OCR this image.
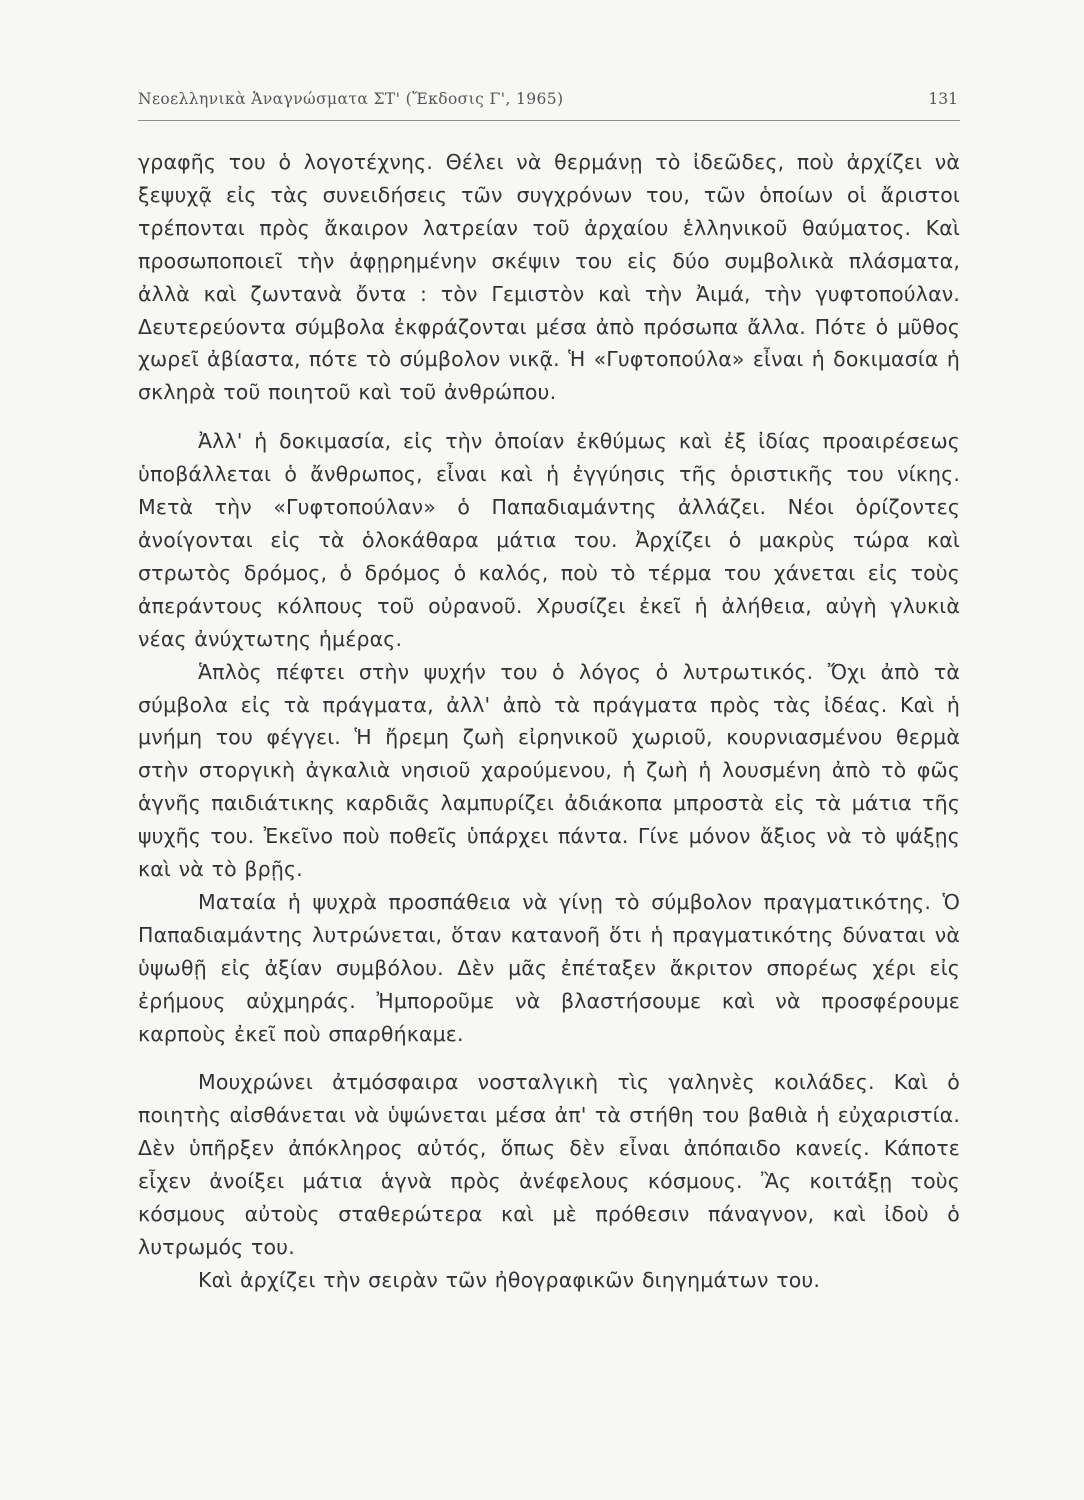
Νεοελληνικὰ Ἀναγνώσματα ΣΤ' (Ἔκδοσις Γ', 1965)	131

γραφῆς του ὁ λογοτέχνης. Θέλει νὰ θερμάνῃ τὸ ἰδεῶδες, ποὺ ἀρχίζει νὰ ξεψυχᾷ εἰς τὰς συνειδήσεις τῶν συγχρόνων του, τῶν ὁποίων οἱ ἄριστοι τρέπονται πρὸς ἄκαιρον λατρείαν τοῦ ἀρχαίου ἑλληνικοῦ θαύματος. Καὶ προσωποποιεῖ τὴν ἀφῃρημένην σκέψιν του εἰς δύο συμβολικὰ πλάσματα, ἀλλὰ καὶ ζωντανὰ ὄντα : τὸν Γεμιστὸν καὶ τὴν Ἀιμά, τὴν γυφτοπούλαν. Δευτερεύοντα σύμβολα ἐκφράζονται μέσα ἀπὸ πρόσωπα ἄλλα. Πότε ὁ μῦθος χωρεῖ ἀβίαστα, πότε τὸ σύμβολον νικᾷ. Ἡ «Γυφτοπούλα» εἶναι ἡ δοκιμασία ἡ σκληρὰ τοῦ ποιητοῦ καὶ τοῦ ἀνθρώπου.

Ἀλλ' ἡ δοκιμασία, εἰς τὴν ὁποίαν ἐκθύμως καὶ ἐξ ἰδίας προαιρέσεως ὑποβάλλεται ὁ ἄνθρωπος, εἶναι καὶ ἡ ἐγγύησις τῆς ὁριστικῆς του νίκης. Μετὰ τὴν «Γυφτοπούλαν» ὁ Παπαδιαμάντης ἀλλάζει. Νέοι ὁρίζοντες ἀνοίγονται εἰς τὰ ὁλοκάθαρα μάτια του. Ἀρχίζει ὁ μακρὺς τώρα καὶ στρωτὸς δρόμος, ὁ δρόμος ὁ καλός, ποὺ τὸ τέρμα του χάνεται εἰς τοὺς ἀπεράντους κόλπους τοῦ οὐρανοῦ. Χρυσίζει ἐκεῖ ἡ ἀλήθεια, αὐγὴ γλυκιὰ νέας ἀνύχτωτης ἡμέρας.

Ἁπλὸς πέφτει στὴν ψυχήν του ὁ λόγος ὁ λυτρωτικός. Ὄχι ἀπὸ τὰ σύμβολα εἰς τὰ πράγματα, ἀλλ' ἀπὸ τὰ πράγματα πρὸς τὰς ἰδέας. Καὶ ἡ μνήμη του φέγγει. Ἡ ἤρεμη ζωὴ εἰρηνικοῦ χωριοῦ, κουρνιασμένου θερμὰ στὴν στοργικὴ ἀγκαλιὰ νησιοῦ χαρούμενου, ἡ ζωὴ ἡ λουσμένη ἀπὸ τὸ φῶς ἁγνῆς παιδιάτικης καρδιᾶς λαμπυρίζει ἀδιάκοπα μπροστὰ εἰς τὰ μάτια τῆς ψυχῆς του. Ἐκεῖνο ποὺ ποθεῖς ὑπάρχει πάντα. Γίνε μόνον ἄξιος νὰ τὸ ψάξῃς καὶ νὰ τὸ βρῇς.

Ματαία ἡ ψυχρὰ προσπάθεια νὰ γίνῃ τὸ σύμβολον πραγματικότης. Ὁ Παπαδιαμάντης λυτρώνεται, ὅταν κατανοῆ ὅτι ἡ πραγματικότης δύναται νὰ ὑψωθῇ εἰς ἀξίαν συμβόλου. Δὲν μᾶς ἐπέταξεν ἄκριτον σπορέως χέρι εἰς ἐρήμους αὐχμηράς. Ἠμποροῦμε νὰ βλαστήσουμε καὶ νὰ προσφέρουμε καρποὺς ἐκεῖ ποὺ σπαρθήκαμε.

Μουχρώνει ἀτμόσφαιρα νοσταλγικὴ τὶς γαληνὲς κοιλάδες. Καὶ ὁ ποιητὴς αἰσθάνεται νὰ ὑψώνεται μέσα ἀπ' τὰ στήθη του βαθιὰ ἡ εὐχαριστία. Δὲν ὑπῆρξεν ἀπόκληρος αὐτός, ὅπως δὲν εἶναι ἀπόπαιδο κανείς. Κάποτε εἶχεν ἀνοίξει μάτια ἁγνὰ πρὸς ἀνέφελους κόσμους. Ἂς κοιτάξῃ τοὺς κόσμους αὐτοὺς σταθερώτερα καὶ μὲ πρόθεσιν πάναγνον, καὶ ἰδοὺ ὁ λυτρωμός του.

Καὶ ἀρχίζει τὴν σειρὰν τῶν ἠθογραφικῶν διηγημάτων του.
